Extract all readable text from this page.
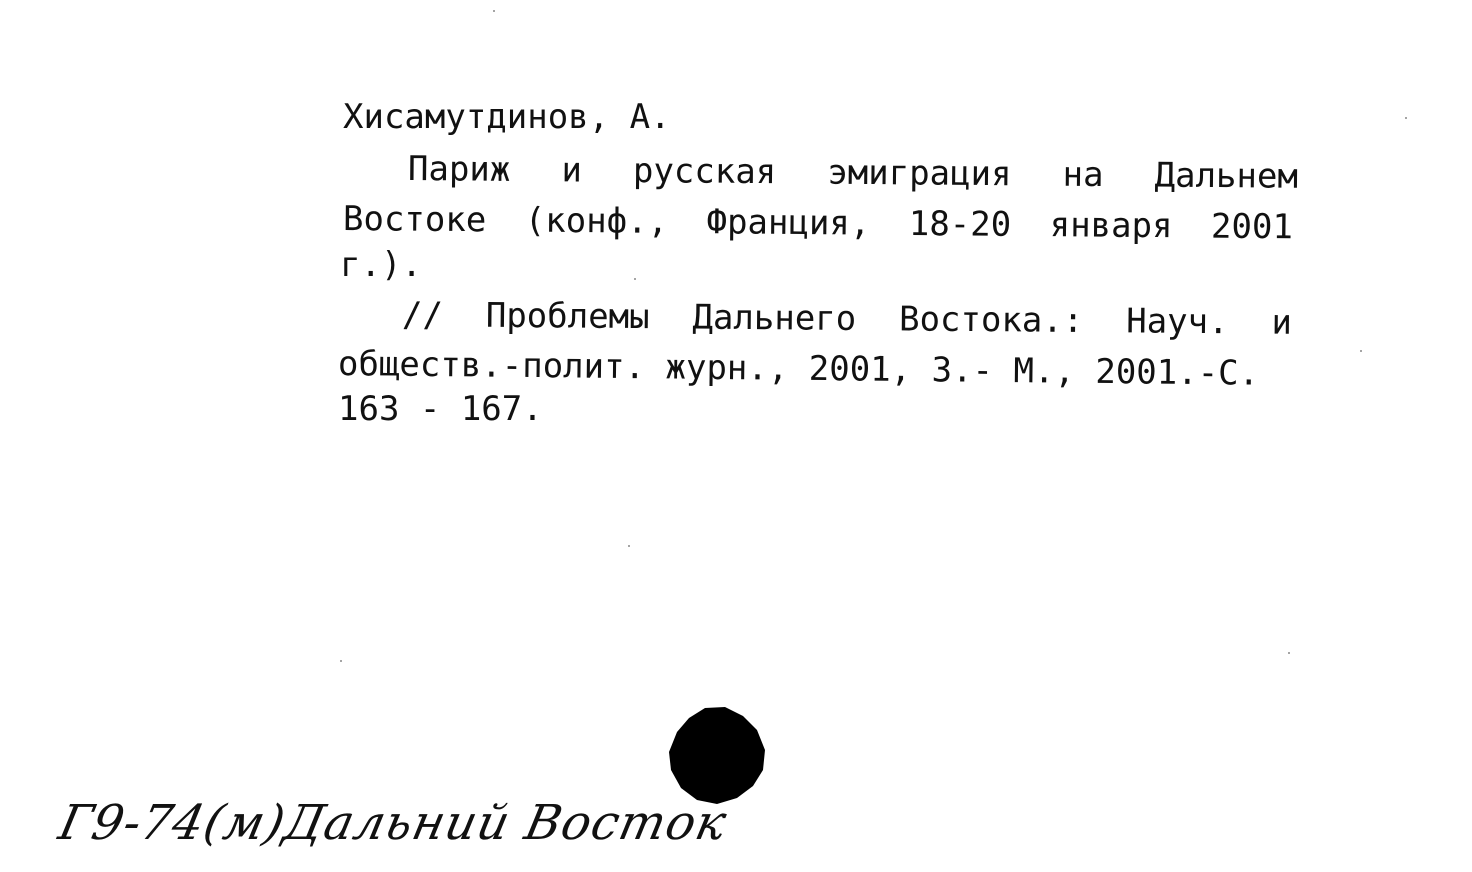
Хисамутдинов, А.
Париж и русская эмиграция на Дальнем
Востоке (конф., Франция, 18-20 января 2001
г.).
// Проблемы Дальнего Востока.: Науч. и
обществ.-полит. журн., 2001, 3.- М., 2001.-С.
163 - 167.
Г9-74(м)Дальний Восток
